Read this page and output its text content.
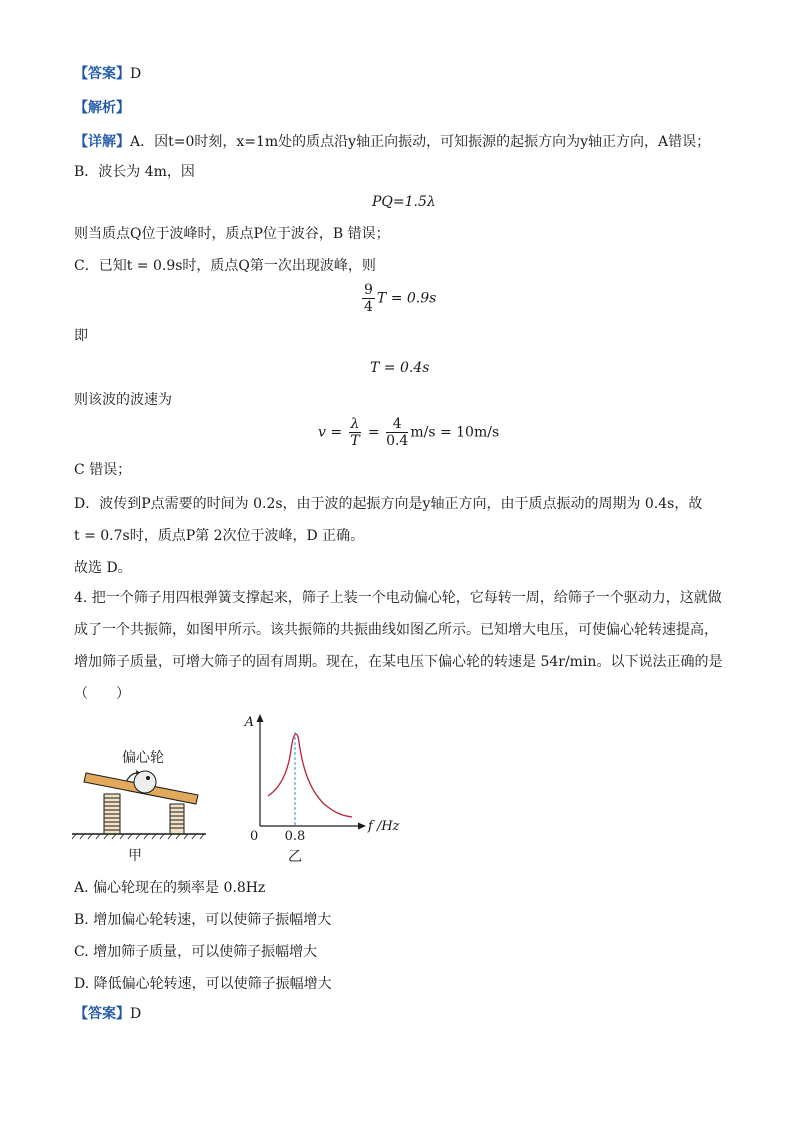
【答案】D
【解析】
【详解】A．因t=0时刻，x=1m处的质点沿y轴正向振动，可知振源的起振方向为y轴正方向，A错误；
B．波长为 4m，因
PQ=1.5λ
则当质点Q位于波峰时，质点P位于波谷，B 错误；
C．已知t = 0.9s时，质点Q第一次出现波峰，则
$\frac{9}{4}$ T = 0.9s
即
T = 0.4s
则该波的波速为
$v = \frac{\lambda}{T} = \frac{4}{0.4} m/s = 10m/s$
C 错误；
D．波传到P点需要的时间为 0.2s，由于波的起振方向是y轴正方向，由于质点振动的周期为 0.4s，故
t = 0.7s时，质点P第 2次位于波峰，D 正确。
故选 D。
4. 把一个筛子用四根弹簧支撑起来，筛子上装一个电动偏心轮，它每转一周，给筛子一个驱动力，这就做
成了一个共振筛，如图甲所示。该共振筛的共振曲线如图乙所示。已知增大电压，可使偏心轮转速提高，
增加筛子质量，可增大筛子的固有周期。现在，在某电压下偏心轮的转速是 54r/min。以下说法正确的是
（　　）
偏心轮
甲
A
f /Hz
0 0.8
乙
A. 偏心轮现在的频率是 0.8Hz
B. 增加偏心轮转速，可以使筛子振幅增大
C. 增加筛子质量，可以使筛子振幅增大
D. 降低偏心轮转速，可以使筛子振幅增大
【答案】D
